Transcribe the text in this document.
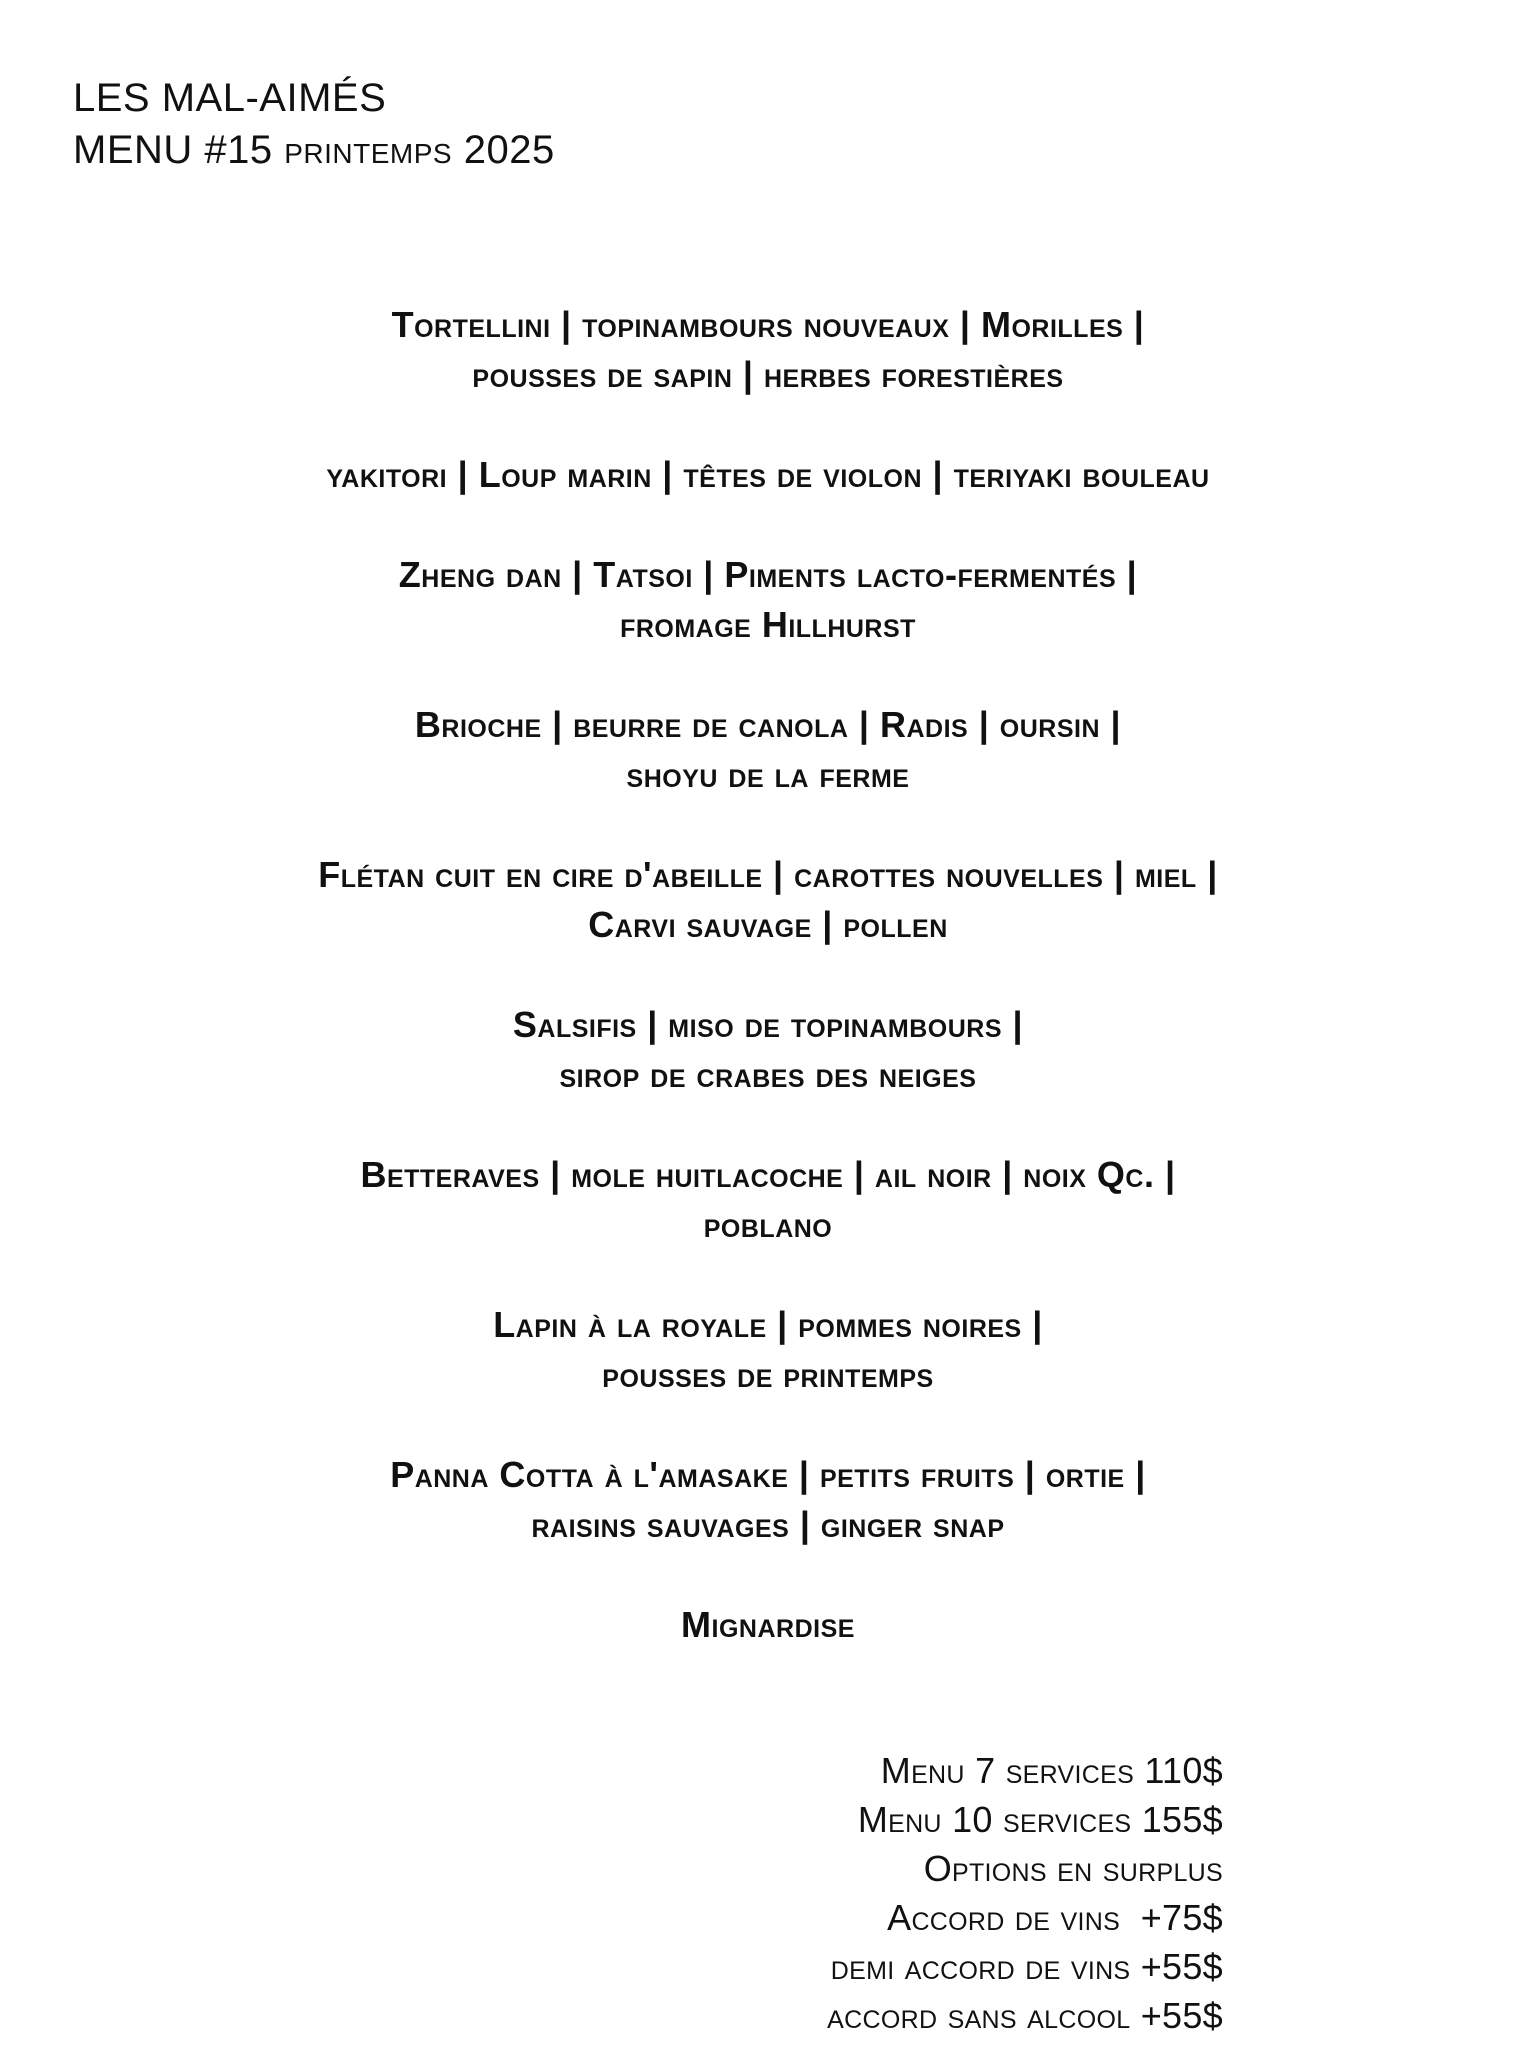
LES MAL-AIMÉS
MENU #15 printemps 2025
Tortellini | topinambours nouveaux | Morilles |
pousses de sapin | herbes forestières
yakitori | Loup marin | têtes de violon | teriyaki bouleau
Zheng dan | Tatsoi | Piments lacto-fermentés |
fromage Hillhurst
Brioche | beurre de canola | Radis | oursin |
shoyu de la ferme
Flétan cuit en cire d'abeille | carottes nouvelles | miel |
Carvi sauvage | pollen
Salsifis | miso de topinambours |
sirop de crabes des neiges
Betteraves | mole huitlacoche | ail noir | noix Qc. |
poblano
Lapin à la royale | pommes noires |
pousses de printemps
Panna Cotta à l'amasake | petits fruits | ortie |
raisins sauvages | ginger snap
Mignardise
Menu 7 services 110$
Menu 10 services 155$
Options en surplus
Accord de vins  +75$
demi accord de vins +55$
accord sans alcool +55$
